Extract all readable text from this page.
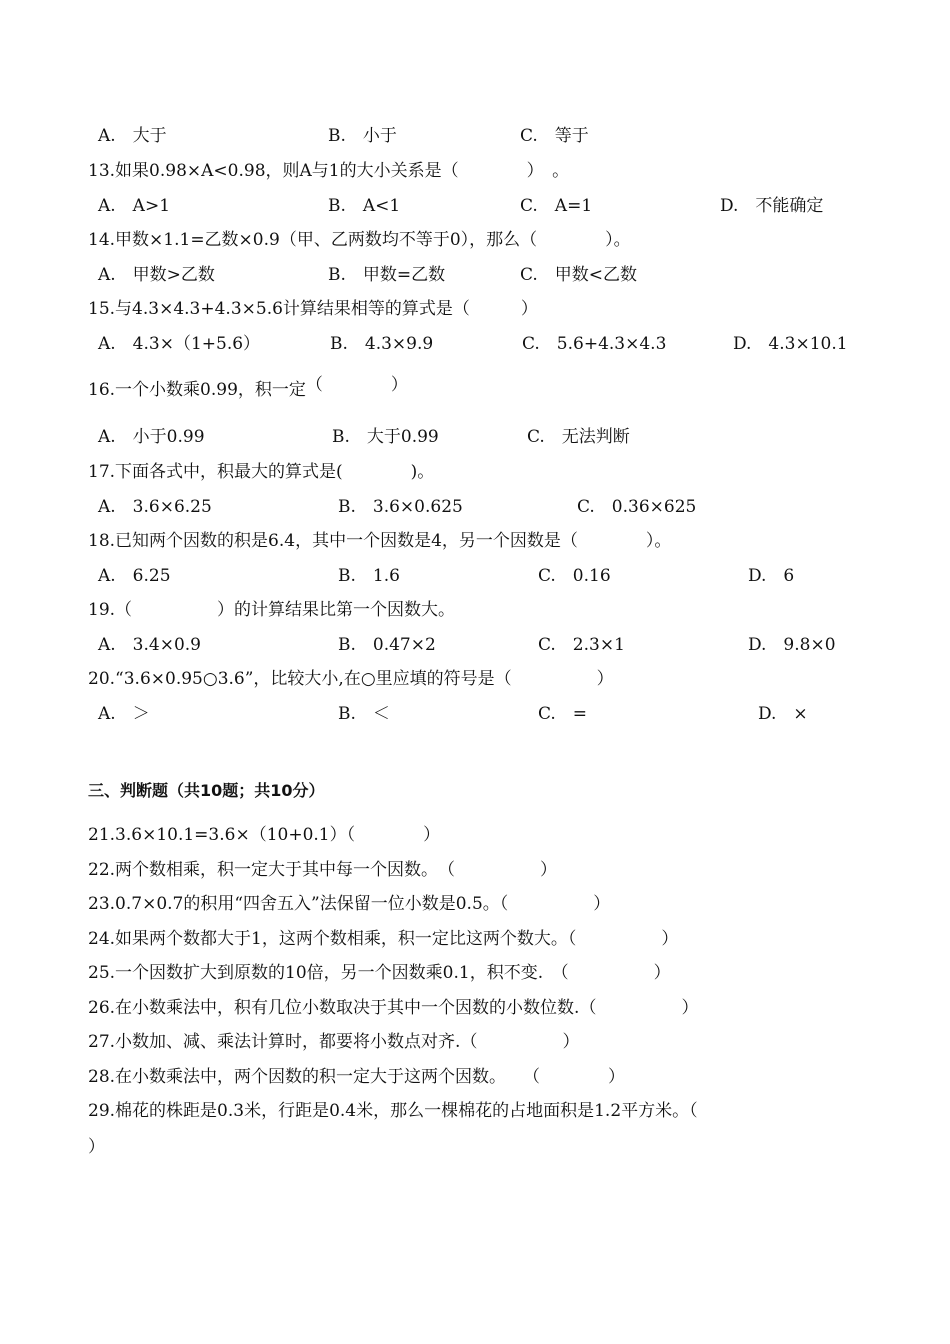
A.　大于	B.　小于	C.　等于
13.如果0.98×A<0.98，则A与1的大小关系是（　　　　）　。
A.　A>1	B.　A<1	C.　A=1	D.　不能确定
14.甲数×1.1=乙数×0.9（甲、乙两数均不等于0），那么（　　　　）。
A.　甲数>乙数	B.　甲数=乙数	C.　甲数<乙数
15.与4.3×4.3+4.3×5.6计算结果相等的算式是（　　　）
A.　4.3×（1+5.6）	B.　4.3×9.9	C.　5.6+4.3×4.3	D.　4.3×10.1
16.一个小数乘0.99，积一定（　　　　）
A.　小于0.99	B.　大于0.99	C.　无法判断
17.下面各式中，积最大的算式是(　　　　)。
A.　3.6×6.25	B.　3.6×0.625	C.　0.36×625
18.已知两个因数的积是6.4，其中一个因数是4，另一个因数是（　　　　）。
A.　6.25	B.　1.6	C.　0.16	D.　6
19.（　　　　　）的计算结果比第一个因数大。
A.　3.4×0.9	B.　0.47×2	C.　2.3×1	D.　9.8×0
20.“3.6×0.95○3.6”，比较大小,在○里应填的符号是（　　　　　）
A.　＞	B.　＜	C.　=	D.　×
三、判断题（共10题；共10分）
21.3.6×10.1=3.6×（10+0.1）（　　　　）
22.两个数相乘，积一定大于其中每一个因数。　（　　　　　）
23.0.7×0.7的积用“四舍五入”法保留一位小数是0.5。（　　　　　）
24.如果两个数都大于1，这两个数相乘，积一定比这两个数大。（　　　　　）
25.一个因数扩大到原数的10倍，另一个因数乘0.1，积不变.　（　　　　　）
26.在小数乘法中，积有几位小数取决于其中一个因数的小数位数.（　　　　　）
27.小数加、减、乘法计算时，都要将小数点对齐.（　　　　　）
28.在小数乘法中，两个因数的积一定大于这两个因数。　　（　　　　）
29.棉花的株距是0.3米，行距是0.4米，那么一棵棉花的占地面积是1.2平方米。（
）
